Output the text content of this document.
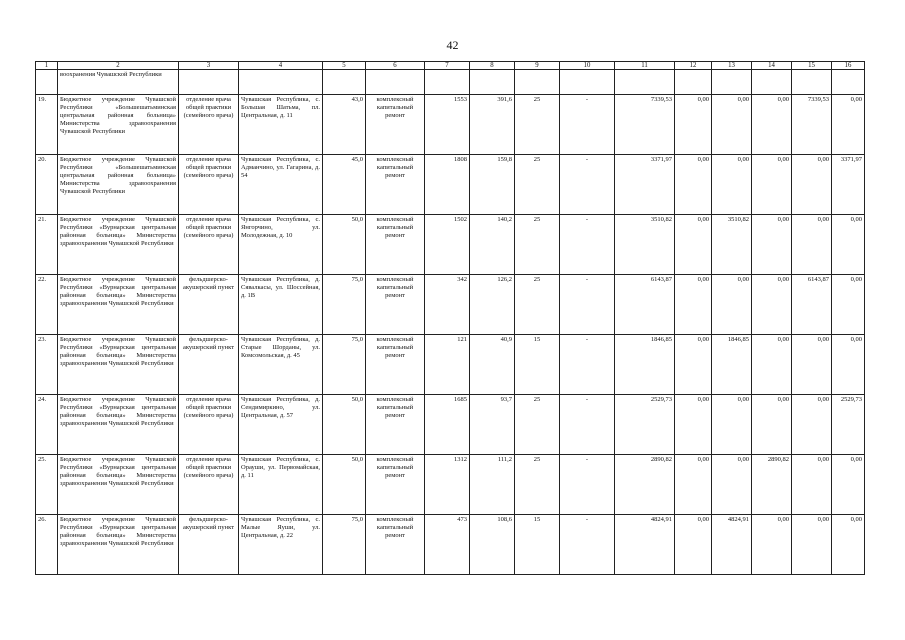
42
1	2	3	4	5	6	7	8	9	10	11	12	13	14	15	16
	воохранения Чувашской Республики														
19.	Бюджетное учреждение Чувашской Республики «Большешатьминская центральная районная больница» Министерства здравоохранения Чувашской Республики	отделение врача общей практики (семейного врача)	Чувашская Республика, с. Большая Шатьма, пл. Центральная, д. 11	43,0	комплексный капитальный ремонт	1553	391,6	25	-	7339,53	0,00	0,00	0,00	7339,53	0,00
20.	Бюджетное учреждение Чувашской Республики «Большешатьминская центральная районная больница» Министерства здравоохранения Чувашской Республики	отделение врача общей практики (семейного врача)	Чувашская Республика, с. Адманчино, ул. Гагарина, д. 54	45,0	комплексный капитальный ремонт	1808	159,8	25	-	3371,97	0,00	0,00	0,00	0,00	3371,97
21.	Бюджетное учреждение Чувашской Республики «Вурнарская центральная районная больница» Министерства здравоохранения Чувашской Республики	отделение врача общей практики (семейного врача)	Чувашская Республика, с. Янгорчино, ул. Молодежная, д. 10	50,0	комплексный капитальный ремонт	1502	140,2	25	-	3510,82	0,00	3510,82	0,00	0,00	0,00
22.	Бюджетное учреждение Чувашской Республики «Вурнарская центральная районная больница» Министерства здравоохранения Чувашской Республики	фельдшерско-акушерский пункт	Чувашская Республика, д. Сявалкасы, ул. Шоссейная, д. 1В	75,0	комплексный капитальный ремонт	342	126,2	25	-	6143,87	0,00	0,00	0,00	6143,87	0,00
23.	Бюджетное учреждение Чувашской Республики «Вурнарская центральная районная больница» Министерства здравоохранения Чувашской Республики	фельдшерско-акушерский пункт	Чувашская Республика, д. Старые Шорданы, ул. Комсомольская, д. 45	75,0	комплексный капитальный ремонт	121	40,9	15	-	1846,85	0,00	1846,85	0,00	0,00	0,00
24.	Бюджетное учреждение Чувашской Республики «Вурнарская центральная районная больница» Министерства здравоохранения Чувашской Республики	отделение врача общей практики (семейного врача)	Чувашская Республика, д. Сендимиркино, ул. Центральная, д. 57	50,0	комплексный капитальный ремонт	1685	93,7	25	-	2529,73	0,00	0,00	0,00	0,00	2529,73
25.	Бюджетное учреждение Чувашской Республики «Вурнарская центральная районная больница» Министерства здравоохранения Чувашской Республики	отделение врача общей практики (семейного врача)	Чувашская Республика, с. Орауши, ул. Первомайская, д. 11	50,0	комплексный капитальный ремонт	1312	111,2	25	-	2890,82	0,00	0,00	2890,82	0,00	0,00
26.	Бюджетное учреждение Чувашской Республики «Вурнарская центральная районная больница» Министерства здравоохранения Чувашской Республики	фельдшерско-акушерский пункт	Чувашская Республика, с. Малые Яуши, ул. Центральная, д. 22	75,0	комплексный капитальный ремонт	473	108,6	15	-	4824,91	0,00	4824,91	0,00	0,00	0,00
